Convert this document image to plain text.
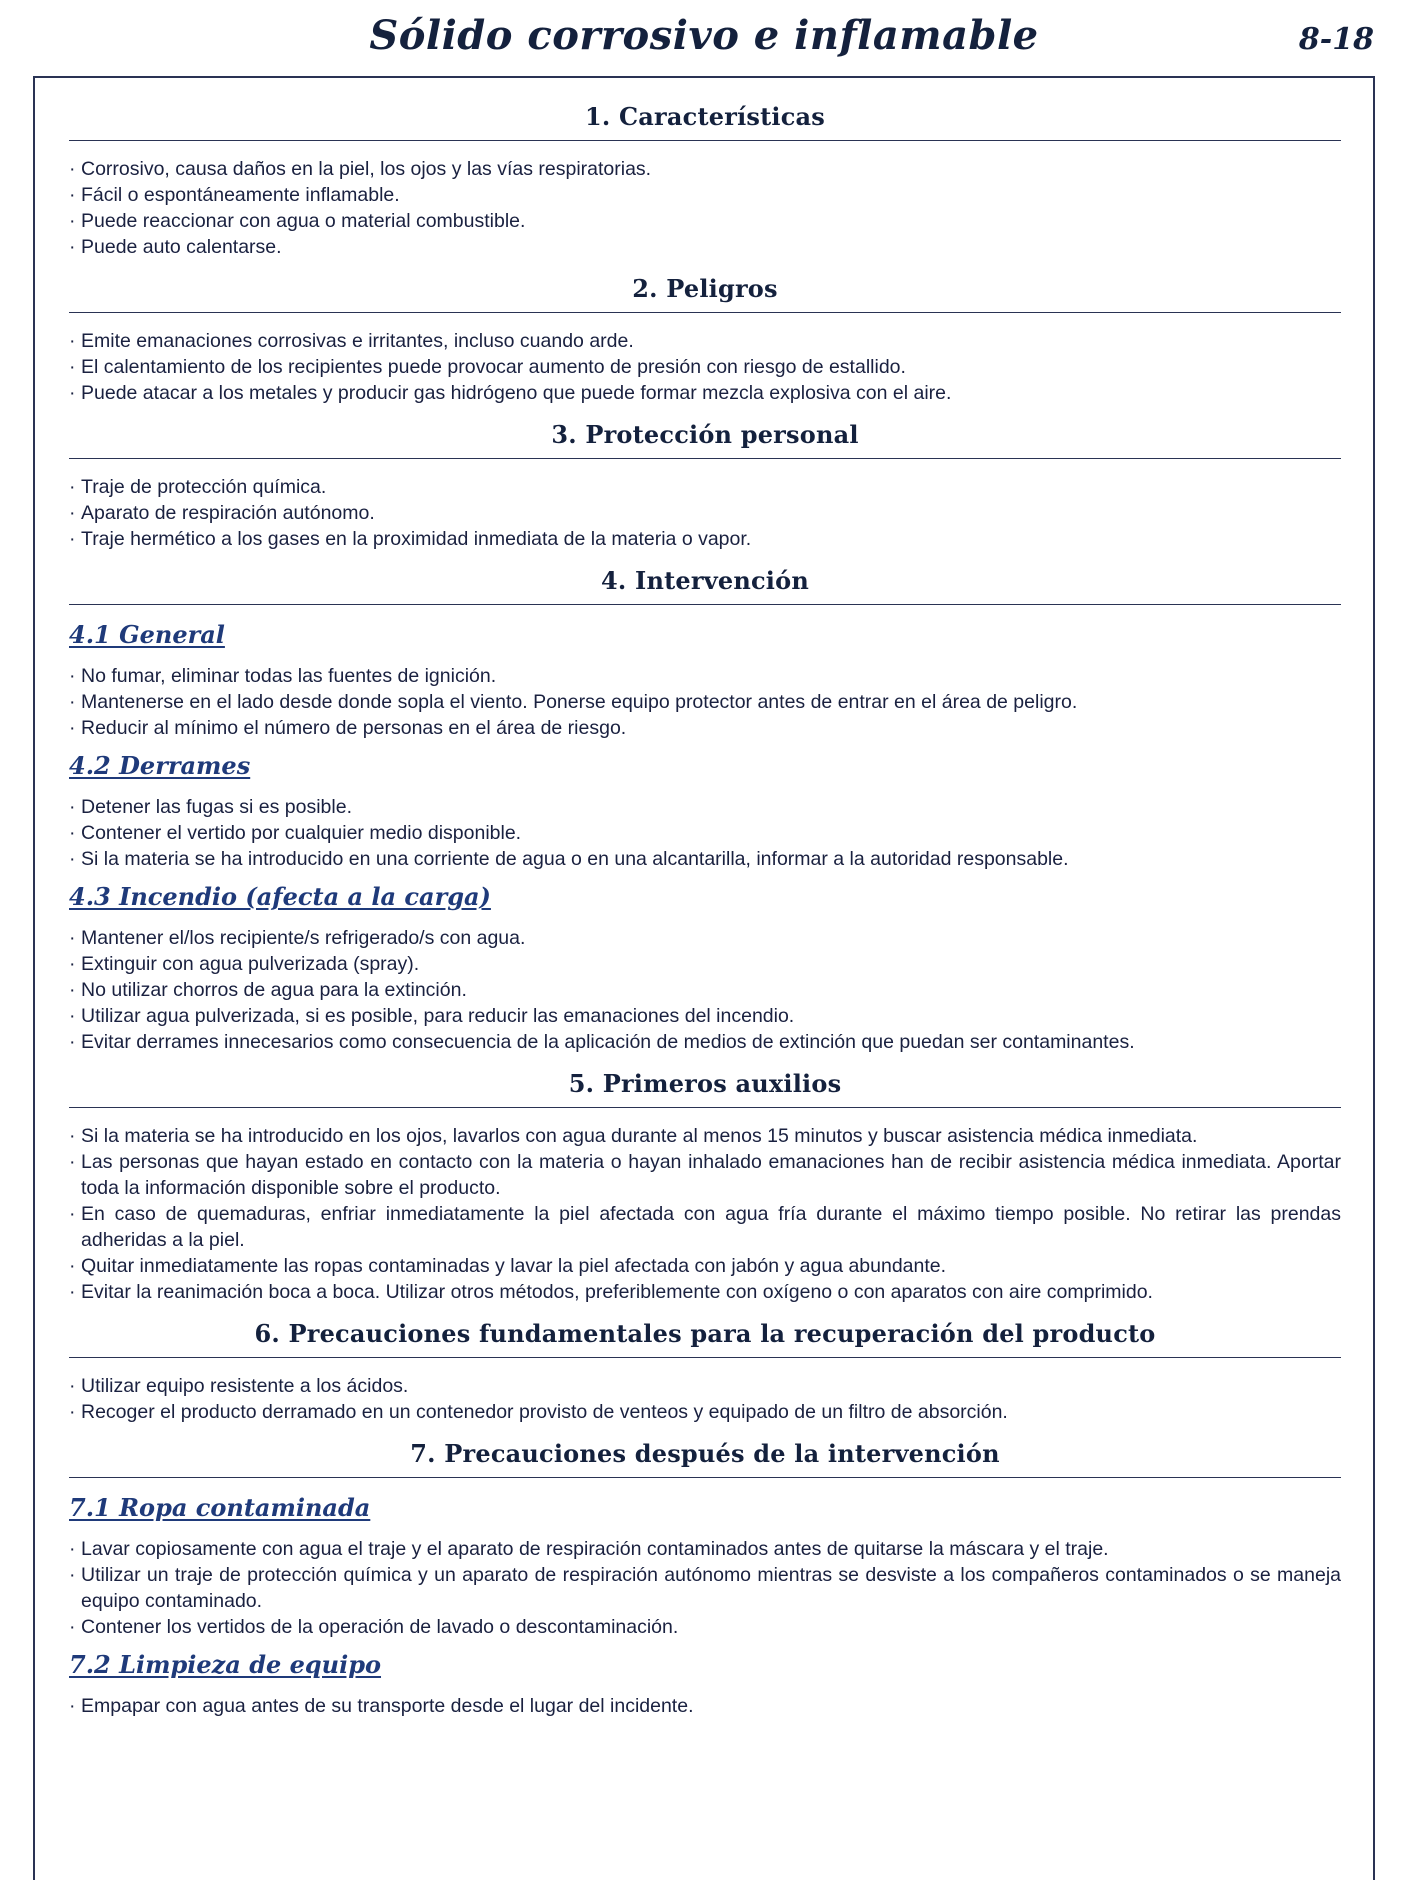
Sólido corrosivo e inflamable	8-18
1. Características
· Corrosivo, causa daños en la piel, los ojos y las vías respiratorias.
· Fácil o espontáneamente inflamable.
· Puede reaccionar con agua o material combustible.
· Puede auto calentarse.
2. Peligros
· Emite emanaciones corrosivas e irritantes, incluso cuando arde.
· El calentamiento de los recipientes puede provocar aumento de presión con riesgo de estallido.
· Puede atacar a los metales y producir gas hidrógeno que puede formar mezcla explosiva con el aire.
3. Protección personal
· Traje de protección química.
· Aparato de respiración autónomo.
· Traje hermético a los gases en la proximidad inmediata de la materia o vapor.
4. Intervención
4.1 General
· No fumar, eliminar todas las fuentes de ignición.
· Mantenerse en el lado desde donde sopla el viento. Ponerse equipo protector antes de entrar en el área de peligro.
· Reducir al mínimo el número de personas en el área de riesgo.
4.2 Derrames
· Detener las fugas si es posible.
· Contener el vertido por cualquier medio disponible.
· Si la materia se ha introducido en una corriente de agua o en una alcantarilla, informar a la autoridad responsable.
4.3 Incendio (afecta a la carga)
· Mantener el/los recipiente/s refrigerado/s con agua.
· Extinguir con agua pulverizada (spray).
· No utilizar chorros de agua para la extinción.
· Utilizar agua pulverizada, si es posible, para reducir las emanaciones del incendio.
· Evitar derrames innecesarios como consecuencia de la aplicación de medios de extinción que puedan ser contaminantes.
5. Primeros auxilios
· Si la materia se ha introducido en los ojos, lavarlos con agua durante al menos 15 minutos y buscar asistencia médica inmediata.
· Las personas que hayan estado en contacto con la materia o hayan inhalado emanaciones han de recibir asistencia médica inmediata. Aportar toda la información disponible sobre el producto.
· En caso de quemaduras, enfriar inmediatamente la piel afectada con agua fría durante el máximo tiempo posible. No retirar las prendas adheridas a la piel.
· Quitar inmediatamente las ropas contaminadas y lavar la piel afectada con jabón y agua abundante.
· Evitar la reanimación boca a boca. Utilizar otros métodos, preferiblemente con oxígeno o con aparatos con aire comprimido.
6. Precauciones fundamentales para la recuperación del producto
· Utilizar equipo resistente a los ácidos.
· Recoger el producto derramado en un contenedor provisto de venteos y equipado de un filtro de absorción.
7. Precauciones después de la intervención
7.1 Ropa contaminada
· Lavar copiosamente con agua el traje y el aparato de respiración contaminados antes de quitarse la máscara y el traje.
· Utilizar un traje de protección química y un aparato de respiración autónomo mientras se desviste a los compañeros contaminados o se maneja equipo contaminado.
· Contener los vertidos de la operación de lavado o descontaminación.
7.2 Limpieza de equipo
· Empapar con agua antes de su transporte desde el lugar del incidente.
